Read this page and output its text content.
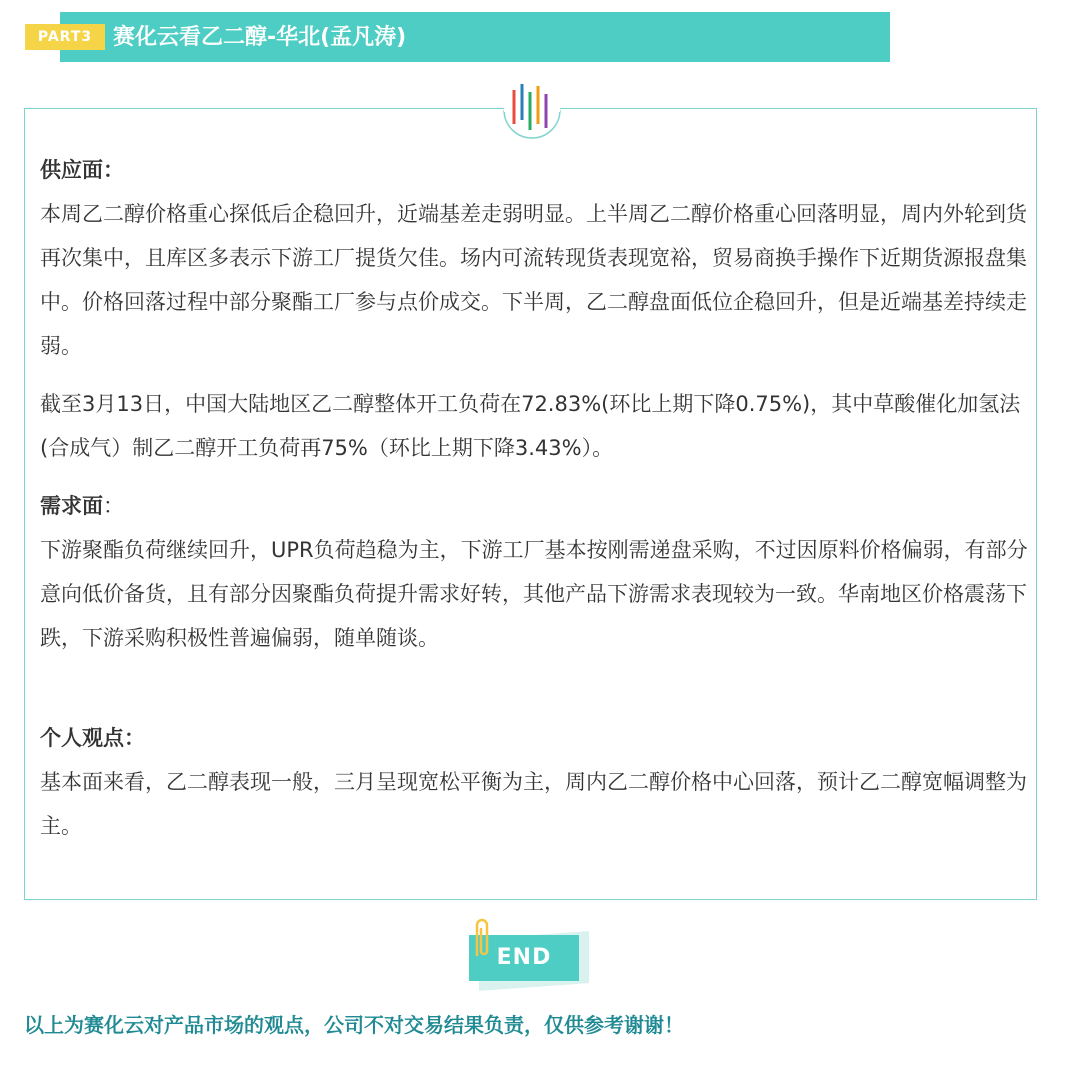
赛化云看乙二醇-华北(孟凡涛)
PART3
供应面：

本周乙二醇价格重心探低后企稳回升，近端基差走弱明显。上半周乙二醇价格重心回落明显，周内外轮到货再次集中，且库区多表示下游工厂提货欠佳。场内可流转现货表现宽裕，贸易商换手操作下近期货源报盘集中。价格回落过程中部分聚酯工厂参与点价成交。下半周，乙二醇盘面低位企稳回升，但是近端基差持续走弱。

截至3月13日，中国大陆地区乙二醇整体开工负荷在72.83%(环比上期下降0.75%)，其中草酸催化加氢法(合成气）制乙二醇开工负荷再75%（环比上期下降3.43%）。

需求面：

下游聚酯负荷继续回升，UPR负荷趋稳为主，下游工厂基本按刚需递盘采购，不过因原料价格偏弱，有部分意向低价备货，且有部分因聚酯负荷提升需求好转，其他产品下游需求表现较为一致。华南地区价格震荡下跌，下游采购积极性普遍偏弱，随单随谈。

个人观点：

基本面来看，乙二醇表现一般，三月呈现宽松平衡为主，周内乙二醇价格中心回落，预计乙二醇宽幅调整为主。

END
以上为赛化云对产品市场的观点，公司不对交易结果负责，仅供参考谢谢！
